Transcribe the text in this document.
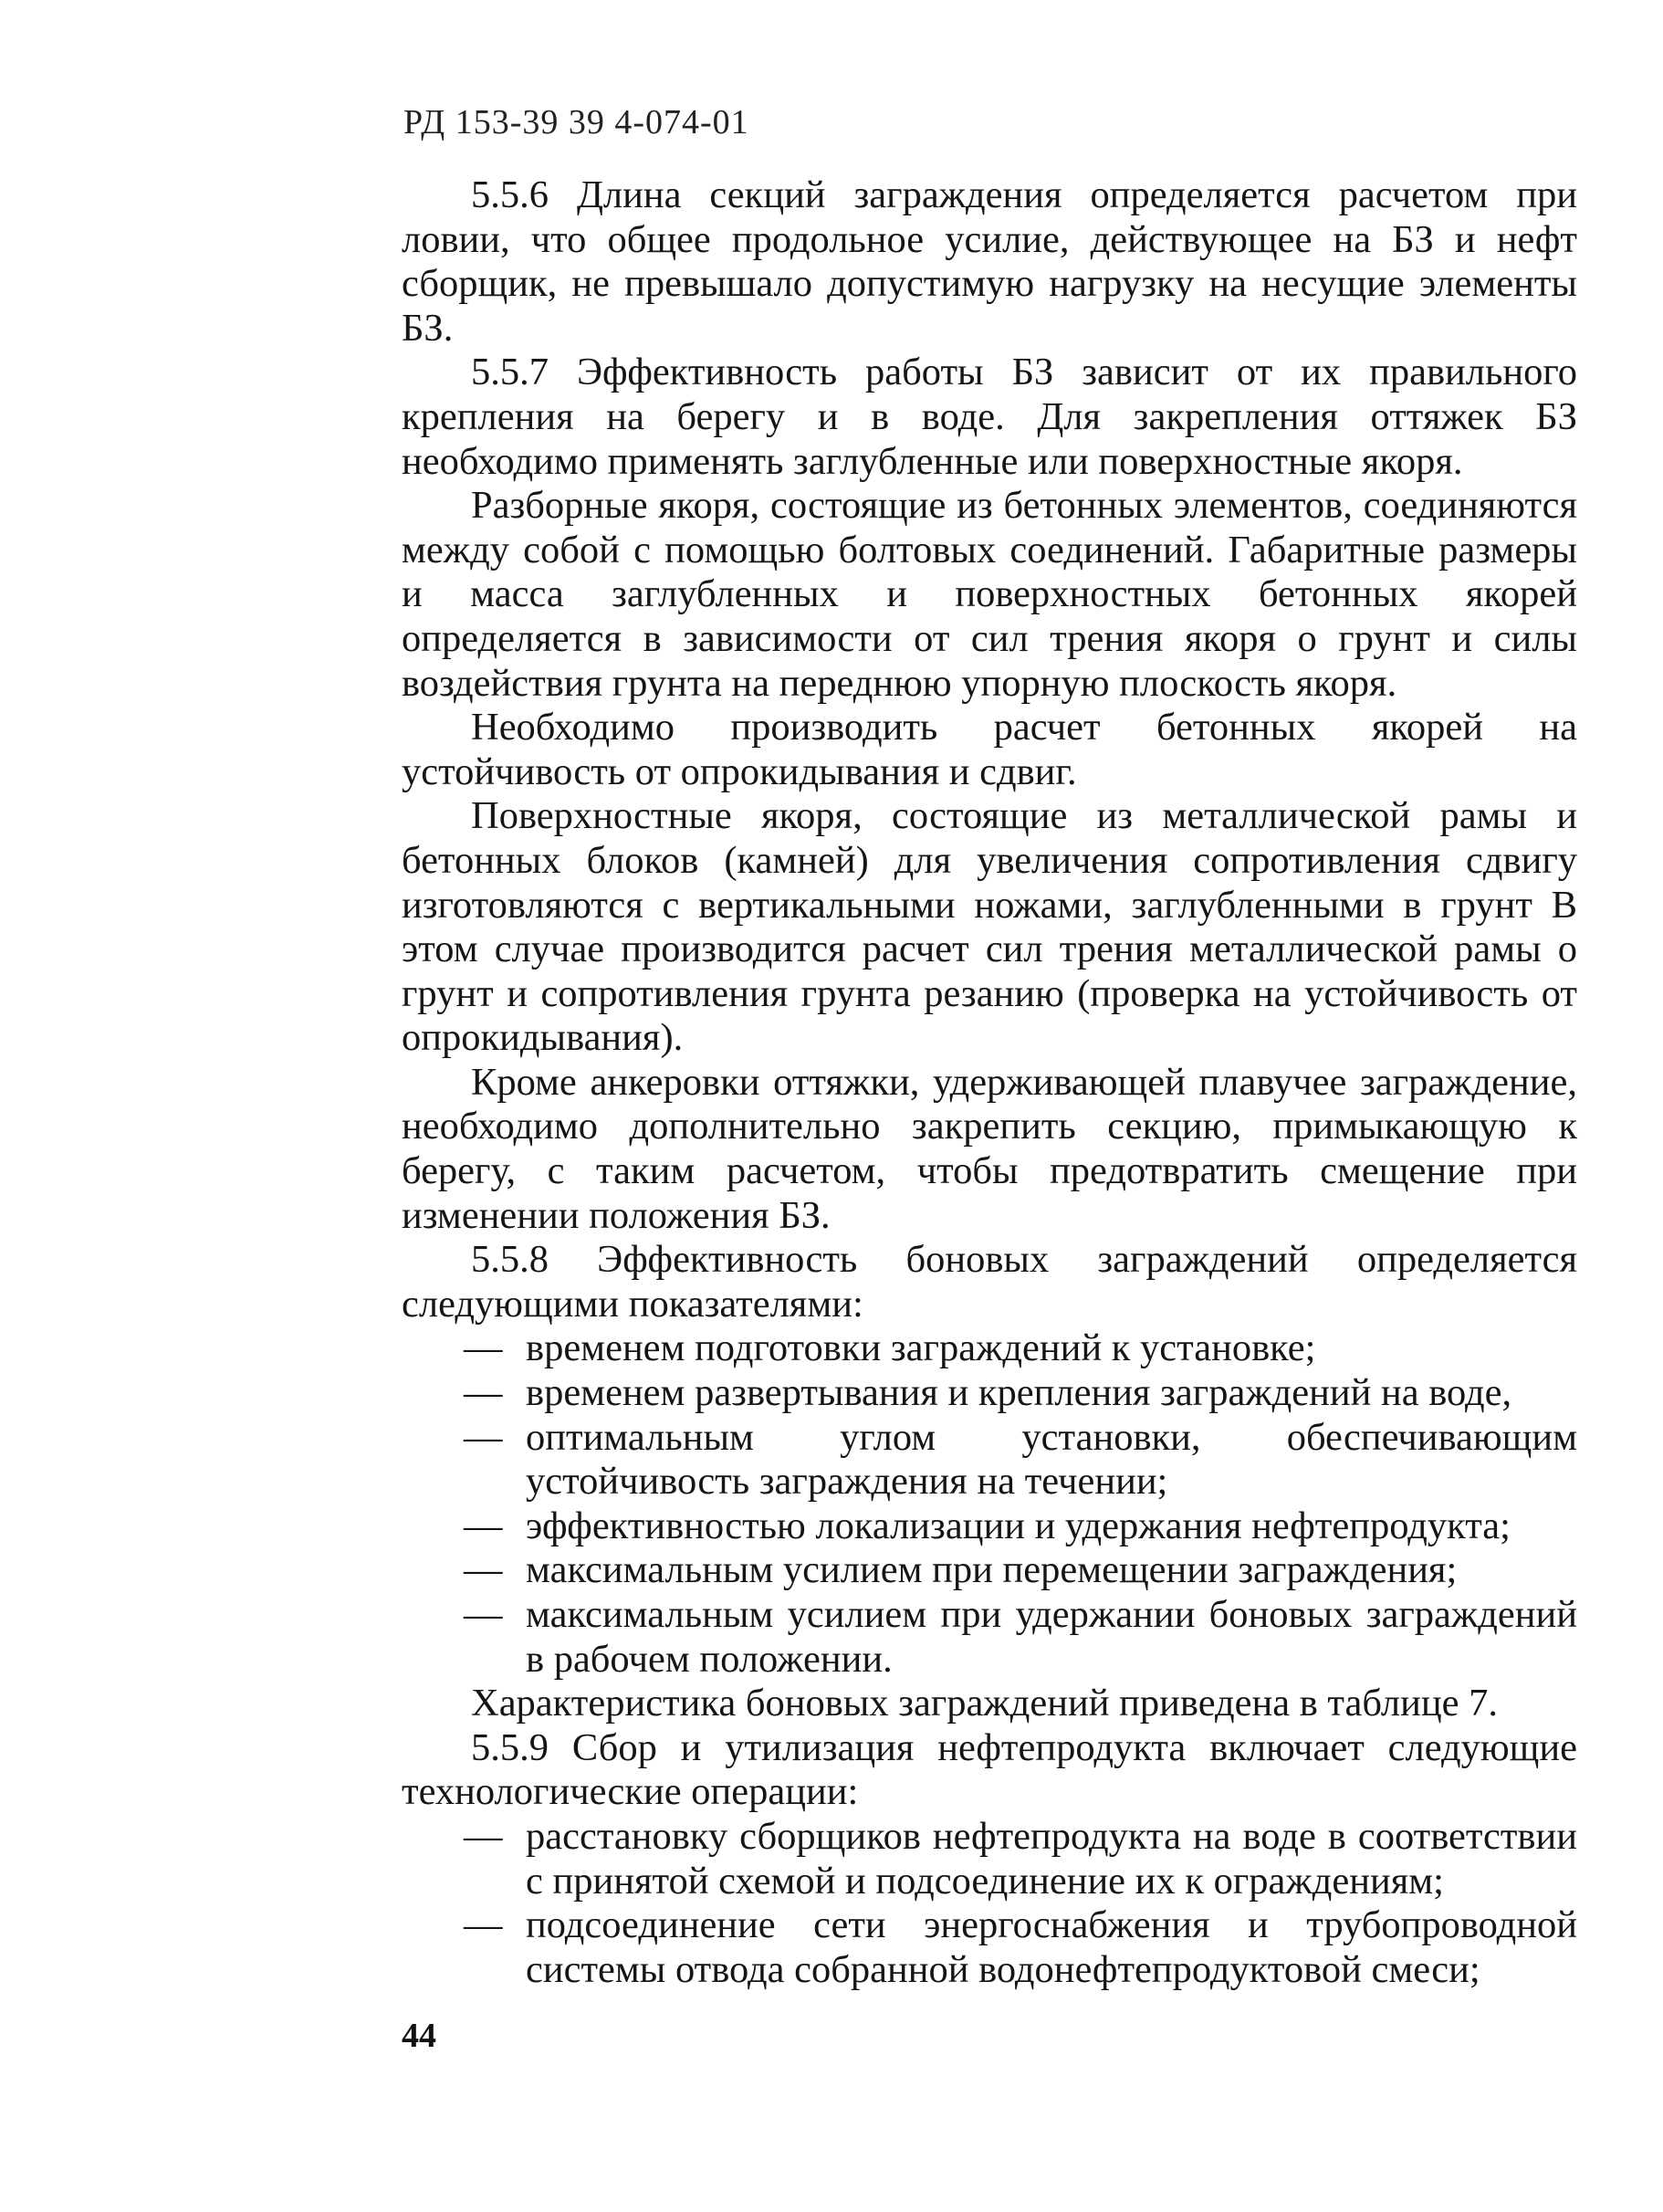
РД 153-39 39 4-074-01

5.5.6 Длина секций заграждения определяется расчетом при ловии, что общее продольное усилие, действующее на БЗ и нефт сборщик, не превышало допустимую нагрузку на несущие элементы БЗ.

5.5.7 Эффективность работы БЗ зависит от их правильного крепления на берегу и в воде. Для закрепления оттяжек БЗ необходимо применять заглубленные или поверхностные якоря.

Разборные якоря, состоящие из бетонных элементов, соединяются между собой с помощью болтовых соединений. Габаритные размеры и масса заглубленных и поверхностных бетонных якорей определяется в зависимости от сил трения якоря о грунт и силы воздействия грунта на переднюю упорную плоскость якоря.

Необходимо производить расчет бетонных якорей на устойчивость от опрокидывания и сдвиг.

Поверхностные якоря, состоящие из металлической рамы и бетонных блоков (камней) для увеличения сопротивления сдвигу изготовляются с вертикальными ножами, заглубленными в грунт В этом случае производится расчет сил трения металлической рамы о грунт и сопротивления грунта резанию (проверка на устойчивость от опрокидывания).

Кроме анкеровки оттяжки, удерживающей плавучее заграждение, необходимо дополнительно закрепить секцию, примыкающую к берегу, с таким расчетом, чтобы предотвратить смещение при изменении положения БЗ.

5.5.8 Эффективность боновых заграждений определяется следующими показателями:

— временем подготовки заграждений к установке;
— временем развертывания и крепления заграждений на воде,
— оптимальным углом установки, обеспечивающим устойчивость заграждения на течении;
— эффективностью локализации и удержания нефтепродукта;
— максимальным усилием при перемещении заграждения;
— максимальным усилием при удержании боновых заграждений в рабочем положении.

Характеристика боновых заграждений приведена в таблице 7.

5.5.9 Сбор и утилизация нефтепродукта включает следующие технологические операции:

— расстановку сборщиков нефтепродукта на воде в соответствии с принятой схемой и подсоединение их к ограждениям;
— подсоединение сети энергоснабжения и трубопроводной системы отвода собранной водонефтепродуктовой смеси;
44
